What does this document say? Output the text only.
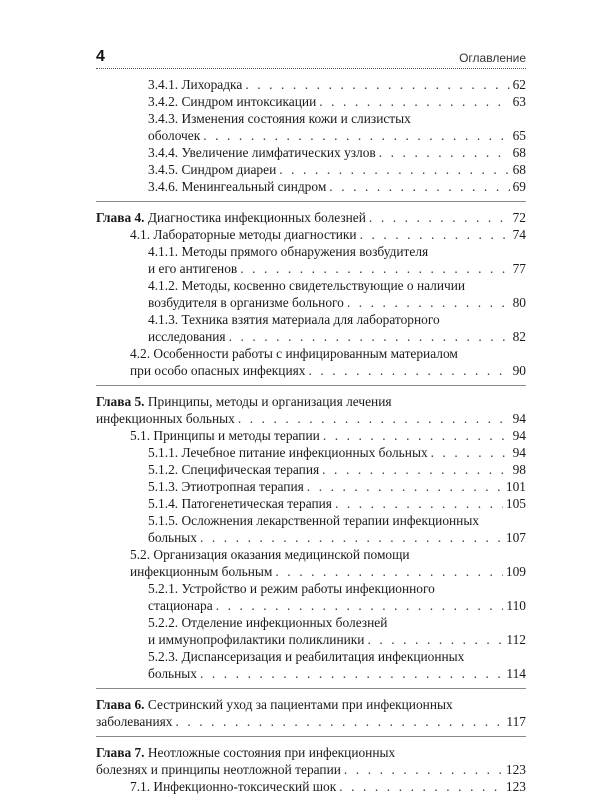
4	Оглавление
3.4.1. Лихорадка . . .	62
3.4.2. Синдром интоксикации . . .	63
3.4.3. Изменения состояния кожи и слизистых
оболочек . . .	65
3.4.4. Увеличение лимфатических узлов . . .	68
3.4.5. Синдром диареи . . .	68
3.4.6. Менингеальный синдром . . .	69
Глава 4. Диагностика инфекционных болезней . . .	72
4.1. Лабораторные методы диагностики . . .	74
4.1.1. Методы прямого обнаружения возбудителя
и его антигенов . . .	77
4.1.2. Методы, косвенно свидетельствующие о наличии
возбудителя в организме больного . . .	80
4.1.3. Техника взятия материала для лабораторного
исследования . . .	82
4.2. Особенности работы с инфицированным материалом
при особо опасных инфекциях . . .	90
Глава 5. Принципы, методы и организация лечения
инфекционных больных . . .	94
5.1. Принципы и методы терапии . . .	94
5.1.1. Лечебное питание инфекционных больных . . .	94
5.1.2. Специфическая терапия . . .	98
5.1.3. Этиотропная терапия . . .	101
5.1.4. Патогенетическая терапия . . .	105
5.1.5. Осложнения лекарственной терапии инфекционных
больных . . .	107
5.2. Организация оказания медицинской помощи
инфекционным больным . . .	109
5.2.1. Устройство и режим работы инфекционного
стационара . . .	110
5.2.2. Отделение инфекционных болезней
и иммунопрофилактики поликлиники . . .	112
5.2.3. Диспансеризация и реабилитация инфекционных
больных . . .	114
Глава 6. Сестринский уход за пациентами при инфекционных
заболеваниях . . .	117
Глава 7. Неотложные состояния при инфекционных
болезнях и принципы неотложной терапии . . .	123
7.1. Инфекционно-токсический шок . . .	123
